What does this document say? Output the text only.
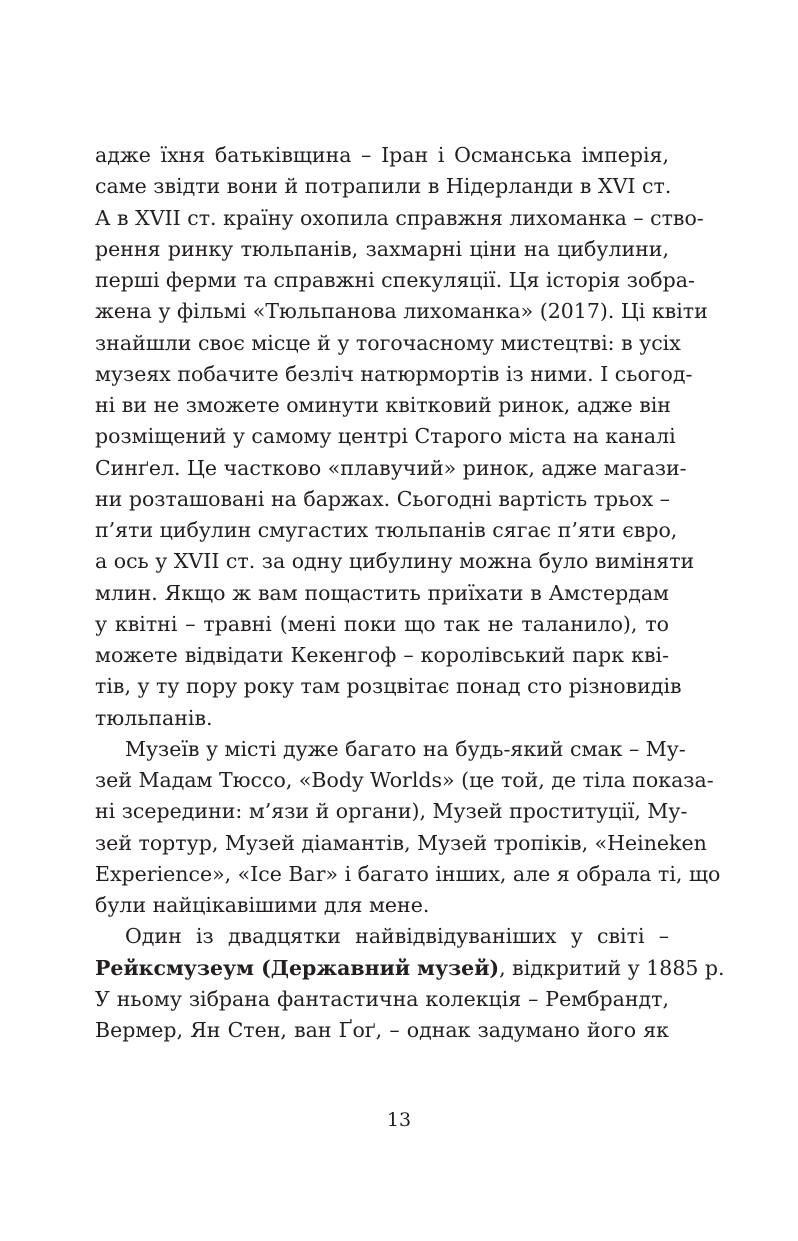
адже їхня батьківщина – Іран і Османська імперія,
саме звідти вони й потрапили в Нідерланди в XVI ст.
А в XVII ст. країну охопила справжня лихоманка – ство-
рення ринку тюльпанів, захмарні ціни на цибулини,
перші ферми та справжні спекуляції. Ця історія зобра-
жена у фільмі «Тюльпанова лихоманка» (2017). Ці квіти
знайшли своє місце й у тогочасному мистецтві: в усіх
музеях побачите безліч натюрмортів із ними. І сьогод-
ні ви не зможете оминути квітковий ринок, адже він
розміщений у самому центрі Старого міста на каналі
Синґел. Це частково «плавучий» ринок, адже магази-
ни розташовані на баржах. Сьогодні вартість трьох –
п’яти цибулин смугастих тюльпанів сягає п’яти євро,
а ось у XVII ст. за одну цибулину можна було виміняти
млин. Якщо ж вам пощастить приїхати в Амстердам
у квітні – травні (мені поки що так не таланило), то
можете відвідати Кекенгоф – королівський парк кві-
тів, у ту пору року там розцвітає понад сто різновидів
тюльпанів.
Музеїв у місті дуже багато на будь-який смак – Му-
зей Мадам Тюссо, «Body Worlds» (це той, де тіла показа-
ні зсередини: м’язи й органи), Музей проституції, Му-
зей тортур, Музей діамантів, Музей тропіків, «Heineken
Experience», «Ice Bar» і багато інших, але я обрала ті, що
були найцікавішими для мене.
Один із двадцятки найвідвідуваніших у світі –
Рейксмузеум (Державний музей), відкритий у 1885 р.
У ньому зібрана фантастична колекція – Рембрандт,
Вермер, Ян Стен, ван Ґоґ, – однак задумано його як
13
